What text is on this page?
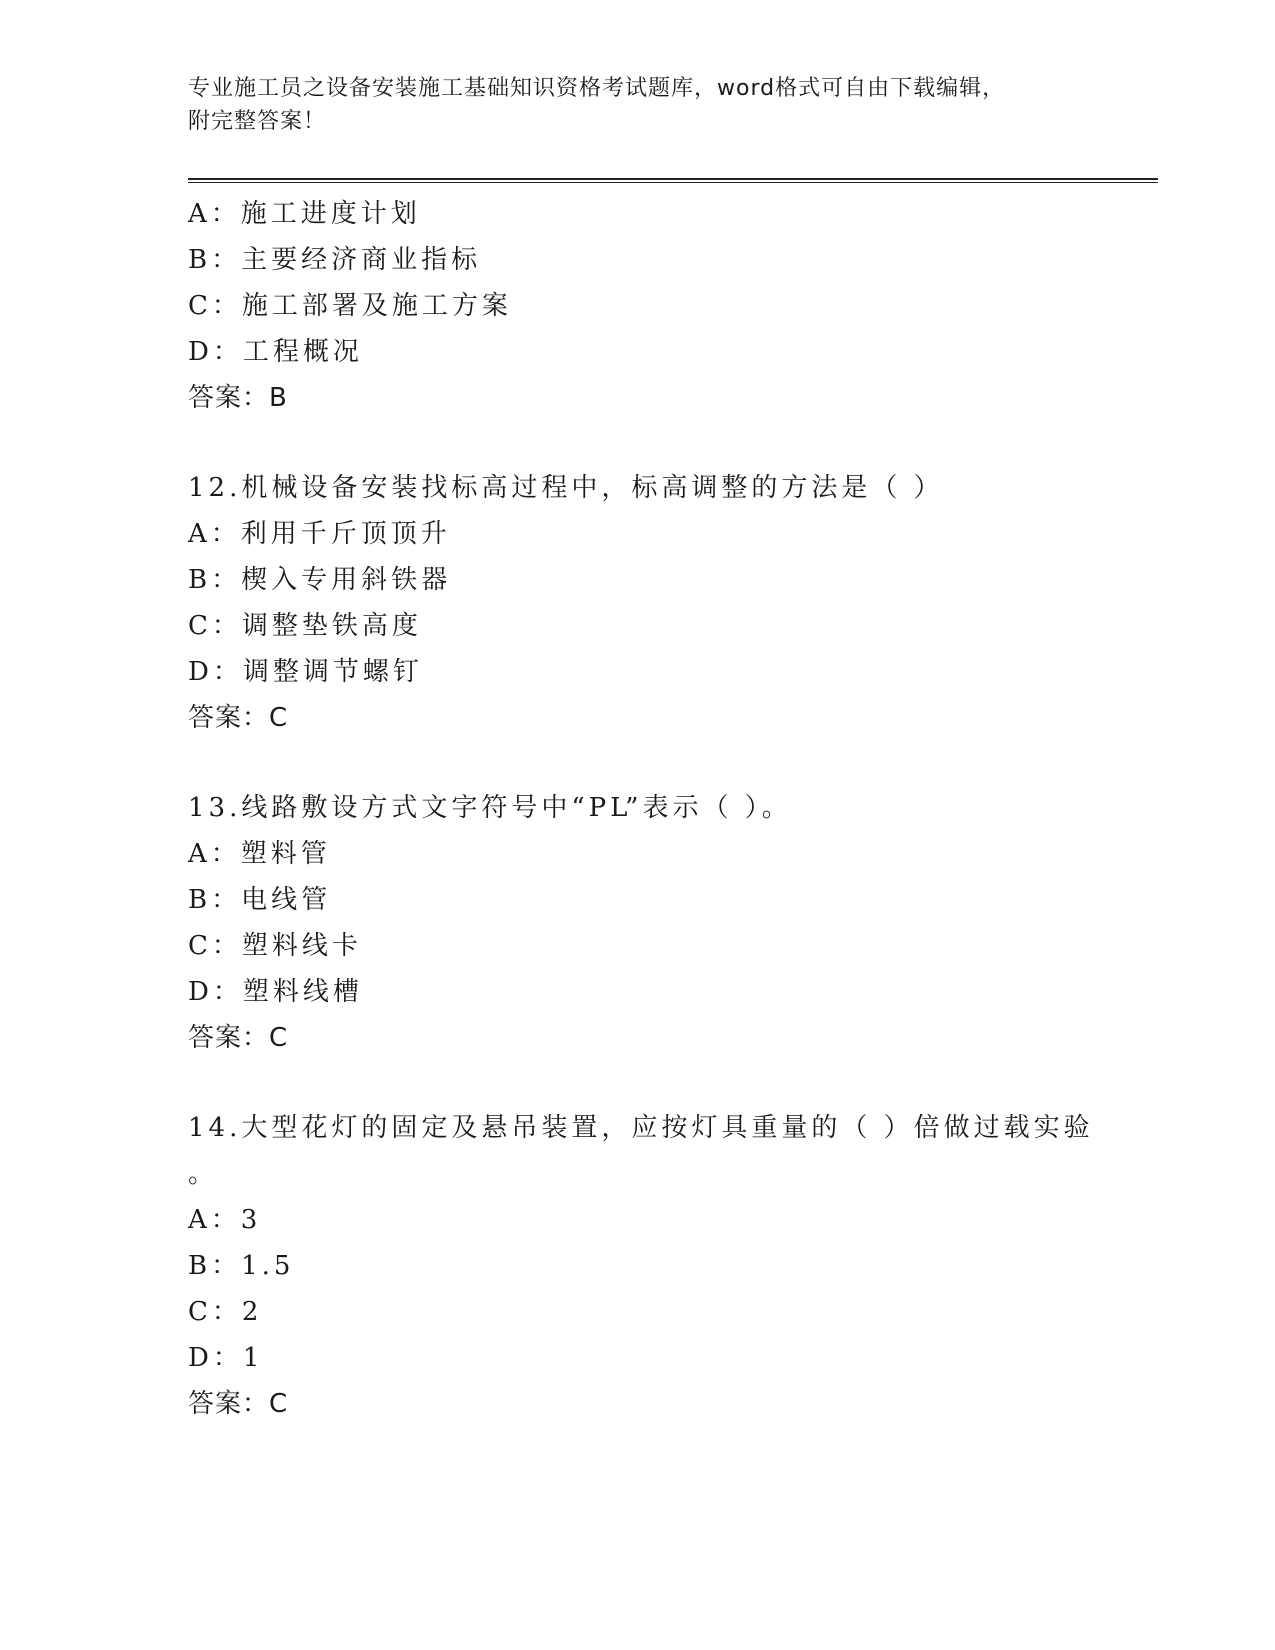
专业施工员之设备安装施工基础知识资格考试题库，word格式可自由下载编辑，
附完整答案！
A：施工进度计划
B：主要经济商业指标
C：施工部署及施工方案
D：工程概况
答案：B
12.机械设备安装找标高过程中，标高调整的方法是（ ）
A：利用千斤顶顶升
B：楔入专用斜铁器
C：调整垫铁高度
D：调整调节螺钉
答案：C
13.线路敷设方式文字符号中“PL”表示（ ）。
A：塑料管
B：电线管
C：塑料线卡
D：塑料线槽
答案：C
14.大型花灯的固定及悬吊装置，应按灯具重量的（ ）倍做过载实验
。
A：3
B：1.5
C：2
D：1
答案：C
